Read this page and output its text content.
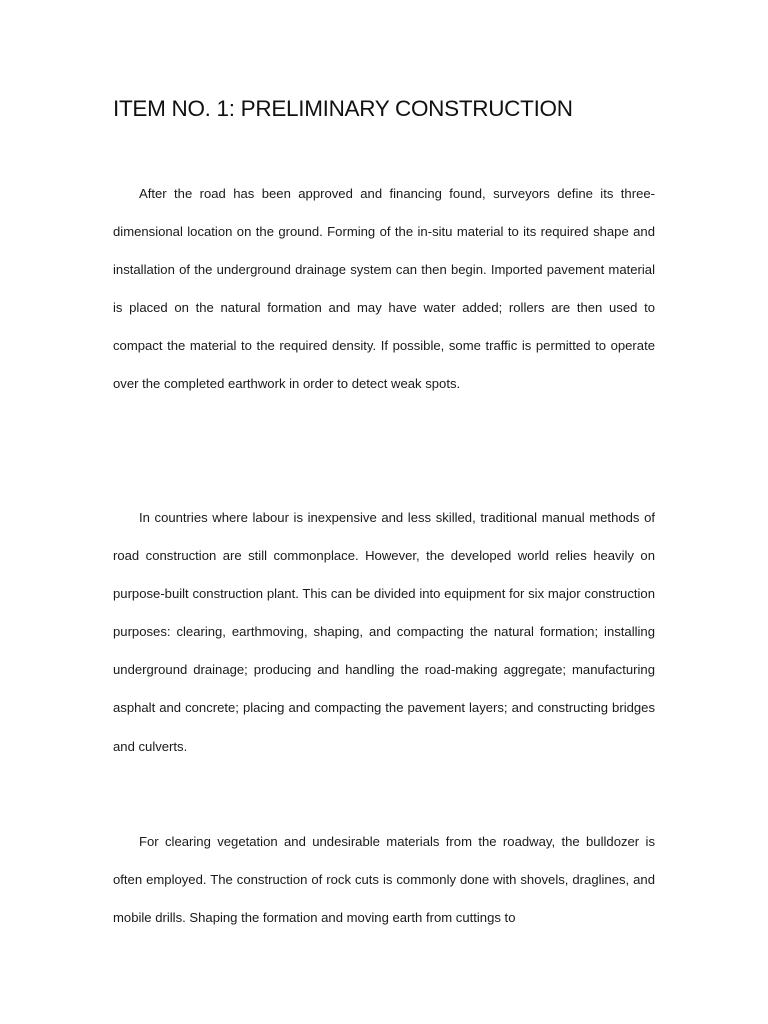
ITEM NO. 1: PRELIMINARY CONSTRUCTION

After the road has been approved and financing found, surveyors define its three-dimensional location on the ground. Forming of the in-situ material to its required shape and installation of the underground drainage system can then begin. Imported pavement material is placed on the natural formation and may have water added; rollers are then used to compact the material to the required density. If possible, some traffic is permitted to operate over the completed earthwork in order to detect weak spots.

In countries where labour is inexpensive and less skilled, traditional manual methods of road construction are still commonplace. However, the developed world relies heavily on purpose-built construction plant. This can be divided into equipment for six major construction purposes: clearing, earthmoving, shaping, and compacting the natural formation; installing underground drainage; producing and handling the road-making aggregate; manufacturing asphalt and concrete; placing and compacting the pavement layers; and constructing bridges and culverts.

For clearing vegetation and undesirable materials from the roadway, the bulldozer is often employed. The construction of rock cuts is commonly done with shovels, draglines, and mobile drills. Shaping the formation and moving earth from cuttings to
